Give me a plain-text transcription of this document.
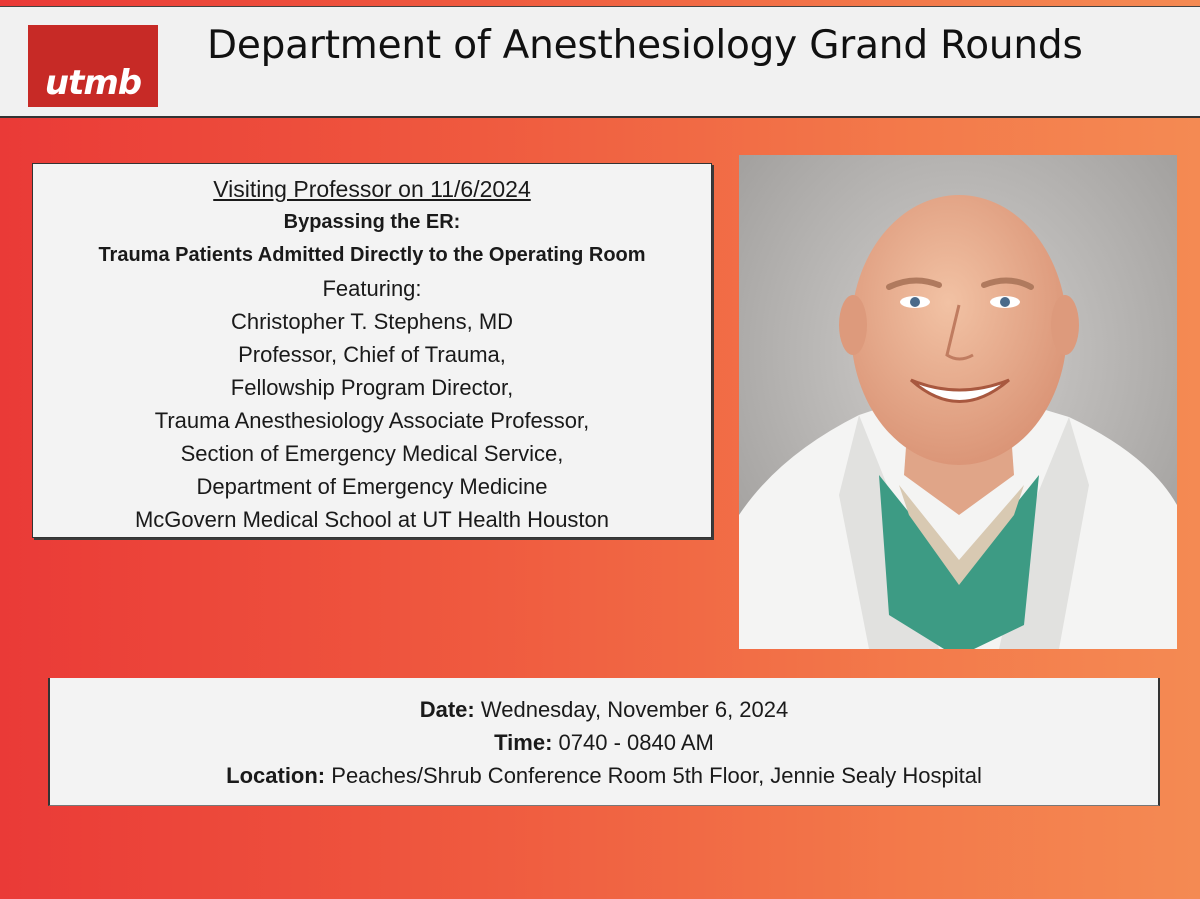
utmb
Department of Anesthesiology Grand Rounds
Visiting Professor on 11/6/2024
Bypassing the ER:
Trauma Patients Admitted Directly to the Operating Room
Featuring:
Christopher T. Stephens, MD
Professor, Chief of Trauma,
Fellowship Program Director,
Trauma Anesthesiology Associate Professor,
Section of Emergency Medical Service,
Department of Emergency Medicine
McGovern Medical School at UT Health Houston
Date: Wednesday, November 6, 2024
Time: 0740 - 0840 AM
Location: Peaches/Shrub Conference Room 5th Floor, Jennie Sealy Hospital
